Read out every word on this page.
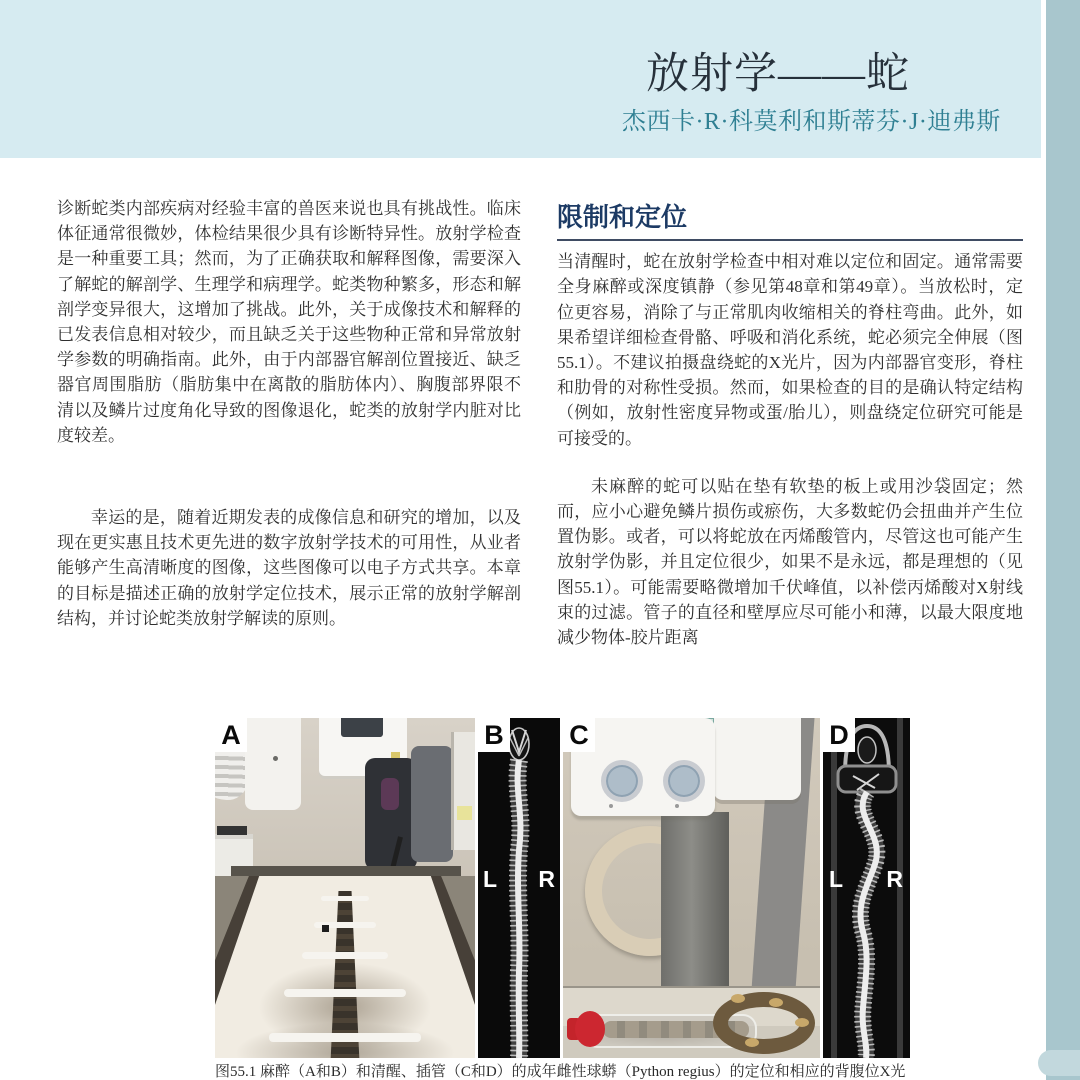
放射学——蛇
杰西卡·R·科莫利和斯蒂芬·J·迪弗斯

诊断蛇类内部疾病对经验丰富的兽医来说也具有挑战性。临床体征通常很微妙，体检结果很少具有诊断特异性。放射学检查是一种重要工具；然而，为了正确获取和解释图像，需要深入了解蛇的解剖学、生理学和病理学。蛇类物种繁多，形态和解剖学变异很大，这增加了挑战。此外，关于成像技术和解释的已发表信息相对较少，而且缺乏关于这些物种正常和异常放射学参数的明确指南。此外，由于内部器官解剖位置接近、缺乏器官周围脂肪（脂肪集中在离散的脂肪体内）、胸腹部界限不清以及鳞片过度角化导致的图像退化，蛇类的放射学内脏对比度较差。

幸运的是，随着近期发表的成像信息和研究的增加，以及现在更实惠且技术更先进的数字放射学技术的可用性，从业者能够产生高清晰度的图像，这些图像可以电子方式共享。本章的目标是描述正确的放射学定位技术，展示正常的放射学解剖结构，并讨论蛇类放射学解读的原则。

限制和定位

当清醒时，蛇在放射学检查中相对难以定位和固定。通常需要全身麻醉或深度镇静（参见第48章和第49章）。当放松时，定位更容易，消除了与正常肌肉收缩相关的脊柱弯曲。此外，如果希望详细检查骨骼、呼吸和消化系统，蛇必须完全伸展（图55.1）。不建议拍摄盘绕蛇的X光片，因为内部器官变形，脊柱和肋骨的对称性受损。然而，如果检查的目的是确认特定结构（例如，放射性密度异物或蛋/胎儿），则盘绕定位研究可能是可接受的。

未麻醉的蛇可以贴在垫有软垫的板上或用沙袋固定；然而，应小心避免鳞片损伤或瘀伤，大多数蛇仍会扭曲并产生位置伪影。或者，可以将蛇放在丙烯酸管内，尽管这也可能产生放射学伪影，并且定位很少，如果不是永远，都是理想的（见图55.1）。可能需要略微增加千伏峰值，以补偿丙烯酸对X射线束的过滤。管子的直径和壁厚应尽可能小和薄，以最大限度地减少物体-胶片距离

A
L R
B C
L R
D
图55.1 麻醉（A和B）和清醒、插管（C和D）的成年雌性球蟒（Python regius）的定位和相应的背腹位X光
